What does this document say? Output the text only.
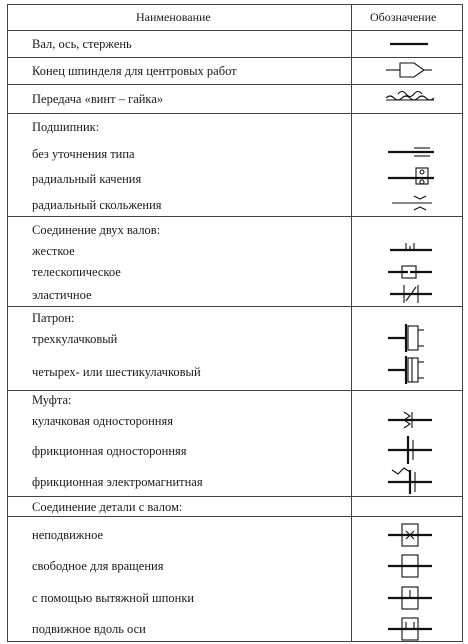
Наименование	Обозначение
Вал, ось, стержень
Конец шпинделя для центровых работ
Передача «винт – гайка»
Подшипник:
без уточнения типа
радиальный качения
радиальный скольжения
Соединение двух валов:
жесткое
телескопическое
эластичное
Патрон:
трехкулачковый
четырех- или шестикулачковый
Муфта:
кулачковая односторонняя
фрикционная односторонняя
фрикционная электромагнитная
Соединение детали с валом:
неподвижное
свободное для вращения
с помощью вытяжной шпонки
подвижное вдоль оси
